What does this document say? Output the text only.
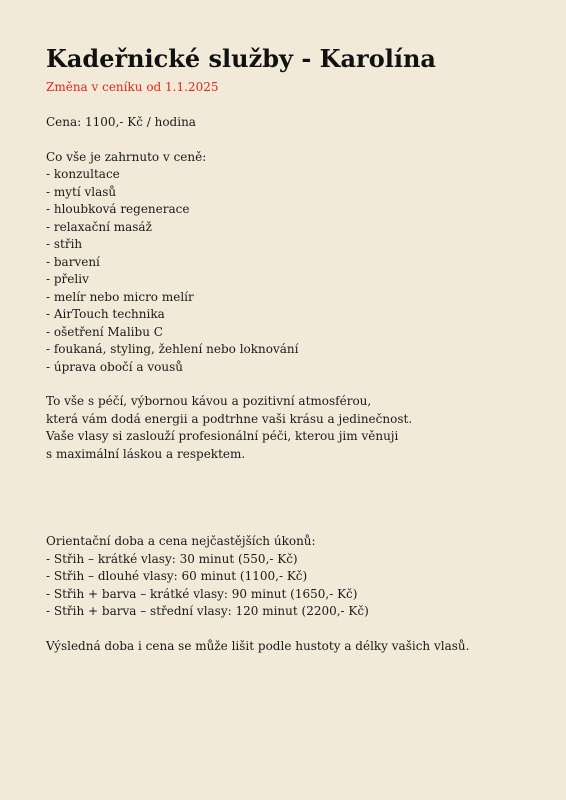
Kadeřnické služby - Karolína
Změna v ceníku od 1.1.2025
Cena: 1100,- Kč / hodina
Co vše je zahrnuto v ceně:
- konzultace
- mytí vlasů
- hloubková regenerace
- relaxační masáž
- střih
- barvení
- přeliv
- melír nebo micro melír
- AirTouch technika
- ošetření Malibu C
- foukaná, styling, žehlení nebo loknování
- úprava obočí a vousů
To vše s péčí, výbornou kávou a pozitivní atmosférou,
která vám dodá energii a podtrhne vaši krásu a jedinečnost.
Vaše vlasy si zaslouží profesionální péči, kterou jim věnuji
s maximální láskou a respektem.
Orientační doba a cena nejčastějších úkonů:
- Střih – krátké vlasy: 30 minut (550,- Kč)
- Střih – dlouhé vlasy: 60 minut (1100,- Kč)
- Střih + barva – krátké vlasy: 90 minut (1650,- Kč)
- Střih + barva – střední vlasy: 120 minut (2200,- Kč)
Výsledná doba i cena se může lišit podle hustoty a délky vašich vlasů.
